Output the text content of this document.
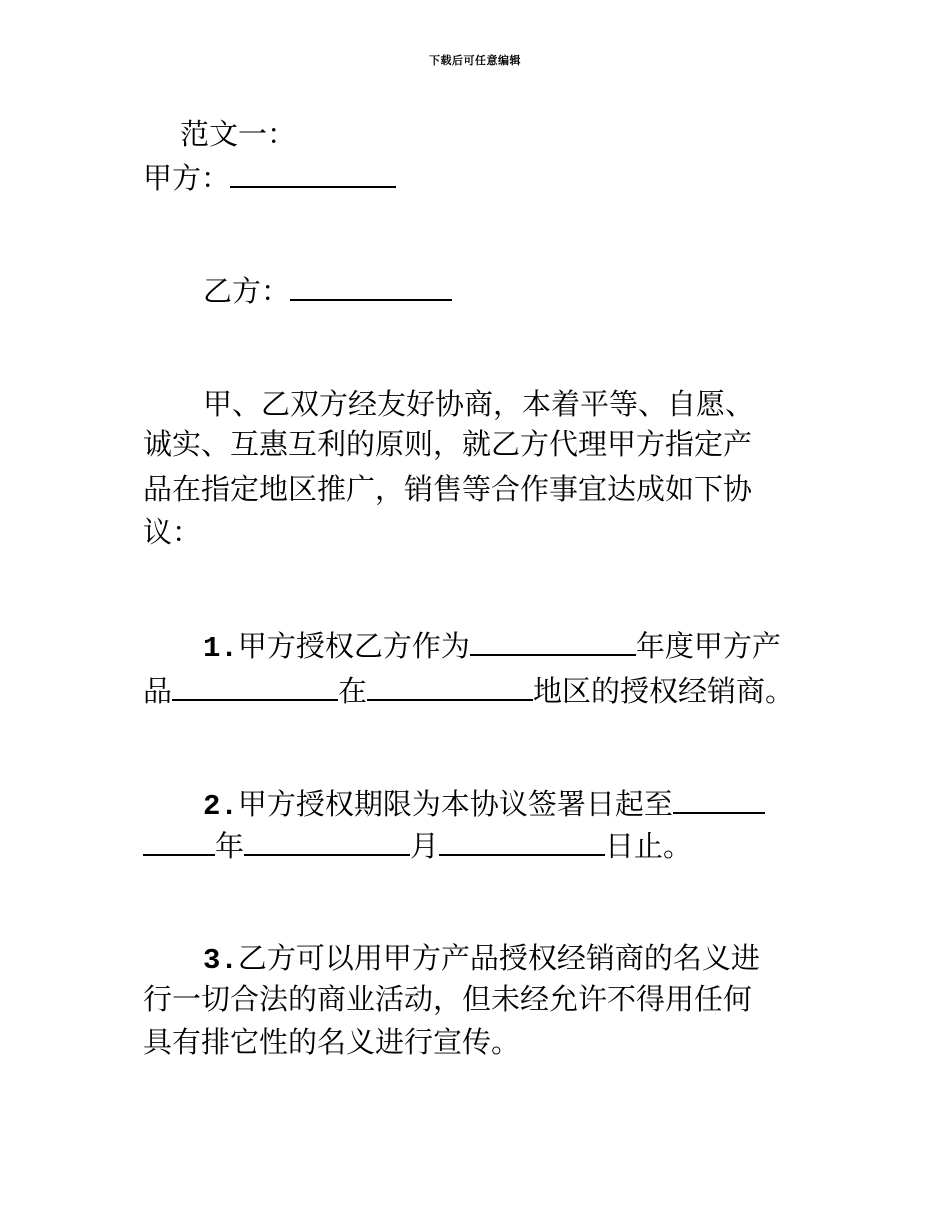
下载后可任意编辑
范文一：
甲方：
乙方：
甲、乙双方经友好协商，本着平等、自愿、
诚实、互惠互利的原则，就乙方代理甲方指定产
品在指定地区推广，销售等合作事宜达成如下协
议：
1.甲方授权乙方作为	年度甲方产
品	在	地区的授权经销商。
2.甲方授权期限为本协议签署日起至
年	月	日止。
3.乙方可以用甲方产品授权经销商的名义进
行一切合法的商业活动，但未经允许不得用任何
具有排它性的名义进行宣传。
